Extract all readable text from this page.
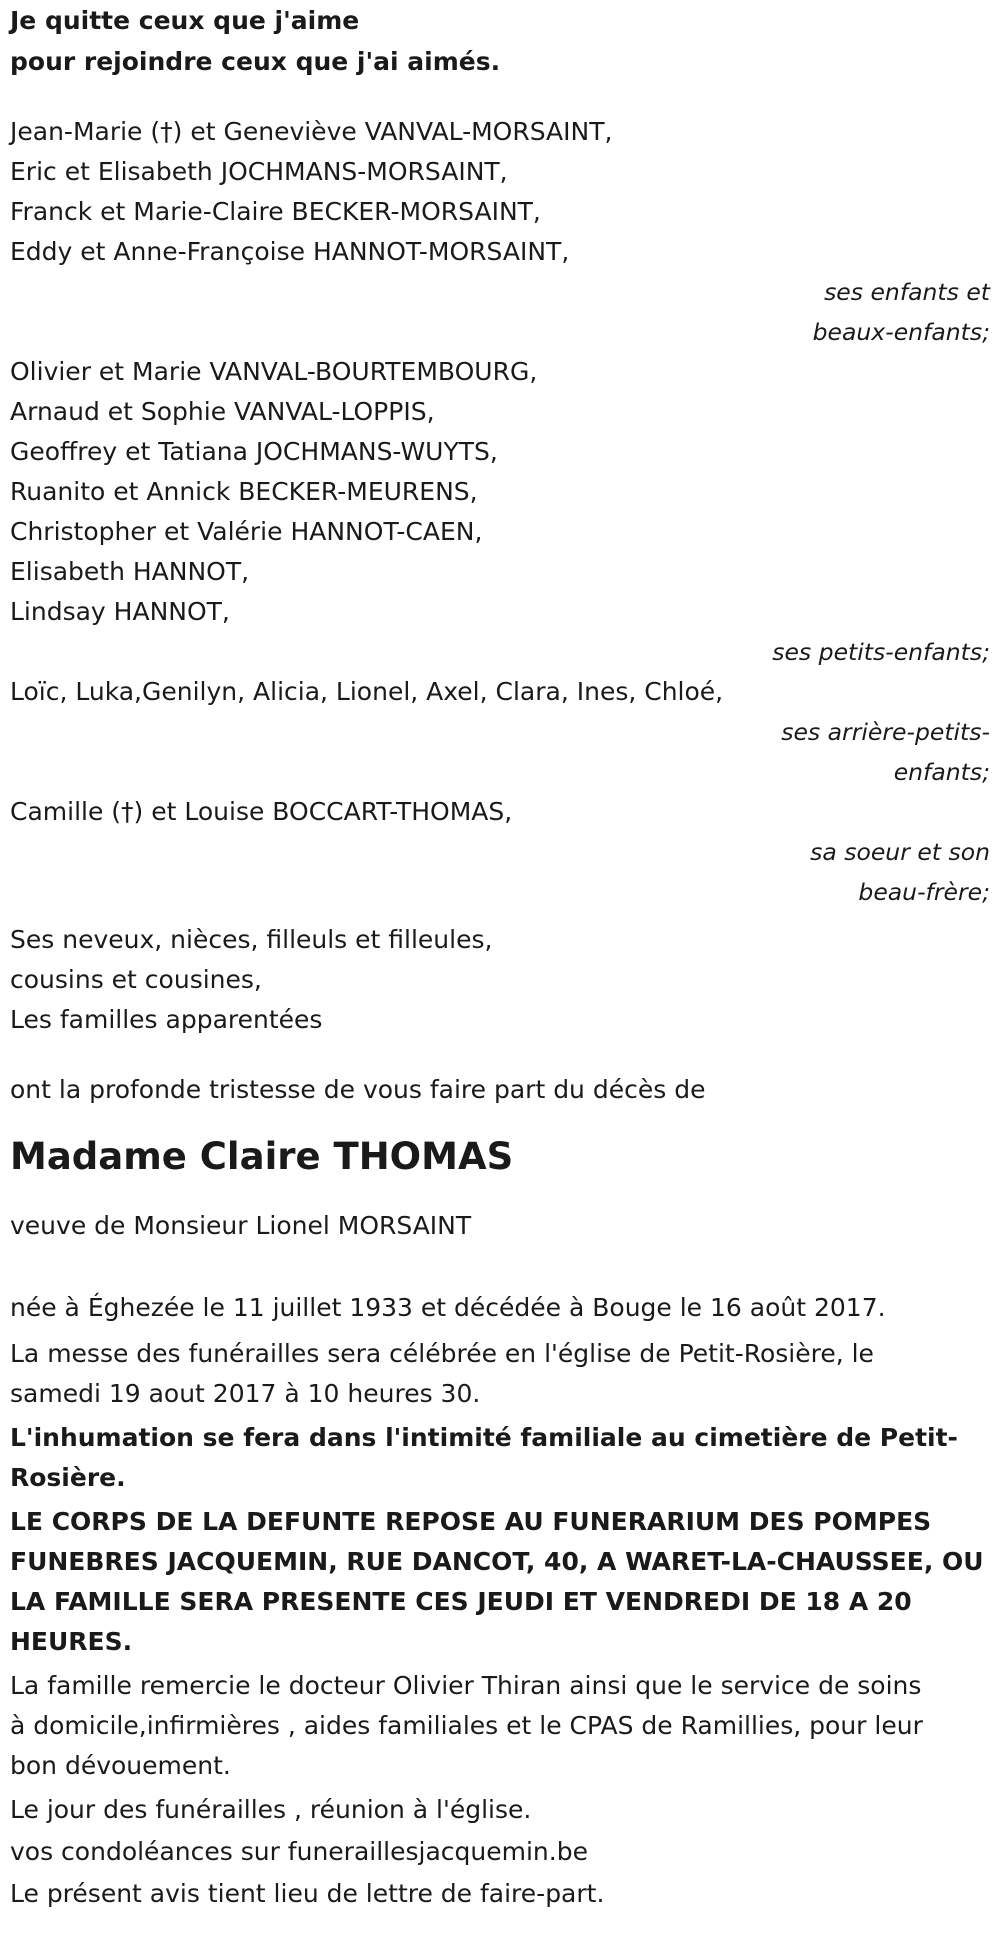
Je quitte ceux que j'aime

pour rejoindre ceux que j'ai aimés.

Jean-Marie (†) et Geneviève VANVAL-MORSAINT,

Eric et Elisabeth JOCHMANS-MORSAINT,

Franck et Marie-Claire BECKER-MORSAINT,

Eddy et Anne-Françoise HANNOT-MORSAINT,

ses enfants et
beaux-enfants;

Olivier et Marie VANVAL-BOURTEMBOURG,

Arnaud et Sophie VANVAL-LOPPIS,

Geoffrey et Tatiana JOCHMANS-WUYTS,

Ruanito et Annick BECKER-MEURENS,

Christopher et Valérie HANNOT-CAEN,

Elisabeth HANNOT,

Lindsay HANNOT,

ses petits-enfants;

Loïc, Luka,Genilyn, Alicia, Lionel, Axel, Clara, Ines, Chloé,

ses arrière-petits-
enfants;

Camille (†) et Louise BOCCART-THOMAS,

sa soeur et son
beau-frère;

Ses neveux, nièces, filleuls et filleules,

cousins et cousines,

Les familles apparentées

ont la profonde tristesse de vous faire part du décès de

Madame Claire THOMAS

veuve de Monsieur Lionel MORSAINT

née à Éghezée le 11 juillet 1933 et décédée à Bouge le 16 août 2017.

La messe des funérailles sera célébrée en l'église de Petit-Rosière, le

samedi 19 aout 2017 à 10 heures 30.

L'inhumation se fera dans l'intimité familiale au cimetière de Petit-

Rosière.

LE CORPS DE LA DEFUNTE REPOSE AU FUNERARIUM DES POMPES

FUNEBRES JACQUEMIN, RUE DANCOT, 40, A WARET-LA-CHAUSSEE, OU

LA FAMILLE SERA PRESENTE CES JEUDI ET VENDREDI DE 18 A 20

HEURES.

La famille remercie le docteur Olivier Thiran ainsi que le service de soins

à domicile,infirmières , aides familiales et le CPAS de Ramillies, pour leur

bon dévouement.

Le jour des funérailles , réunion à l'église.

vos condoléances sur funeraillesjacquemin.be

Le présent avis tient lieu de lettre de faire-part.
